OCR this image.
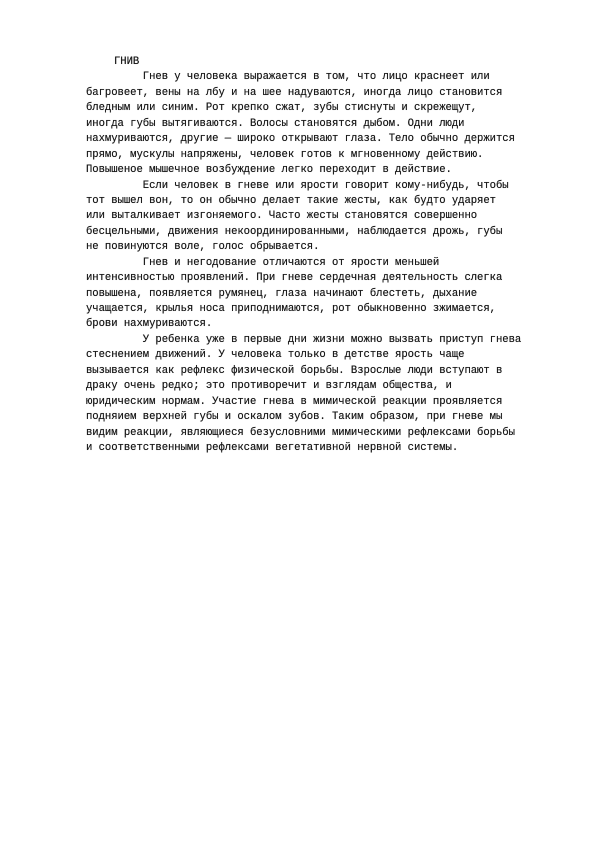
ГНИВ
Гнев у человека выражается в том, что лицо краснеет или
багровеет, вены на лбу и на шее надуваются, иногда лицо становится
бледным или синим. Рот крепко сжат, зубы стиснуты и скрежещут,
иногда губы вытягиваются. Волосы становятся дыбом. Одни люди
нахмуриваются, другие — широко открывают глаза. Тело обычно держится
прямо, мускулы напряжены, человек готов к мгновенному действию.
Повышеное мышечное возбуждение легко переходит в действие.
Если человек в гневе или ярости говорит кому-нибудь, чтобы
тот вышел вон, то он обычно делает такие жесты, как будто ударяет
или выталкивает изгоняемого. Часто жесты становятся совершенно
бесцельными, движения некоординированными, наблюдается дрожь, губы
не повинуются воле, голос обрывается.
Гнев и негодование отличаются от ярости меньшей
интенсивностью проявлений. При гневе сердечная деятельность слегка
повышена, появляется румянец, глаза начинают блестеть, дыхание
учащается, крылья носа приподнимаются, рот обыкновенно зжимается,
брови нахмуриваются.
У ребенка уже в первые дни жизни можно вызвать приступ гнева
стеснением движений. У человека только в детстве ярость чаще
вызывается как рефлекс физической борьбы. Взрослые люди вступают в
драку очень редко; это противоречит и взглядам общества, и
юридическим нормам. Участие гнева в мимической реакции проявляется
подняием верхней губы и оскалом зубов. Таким образом, при гневе мы
видим реакции, являющиеся безусловними мимическими рефлексами борьбы
и соответственными рефлексами вегетативной нервной системы.
